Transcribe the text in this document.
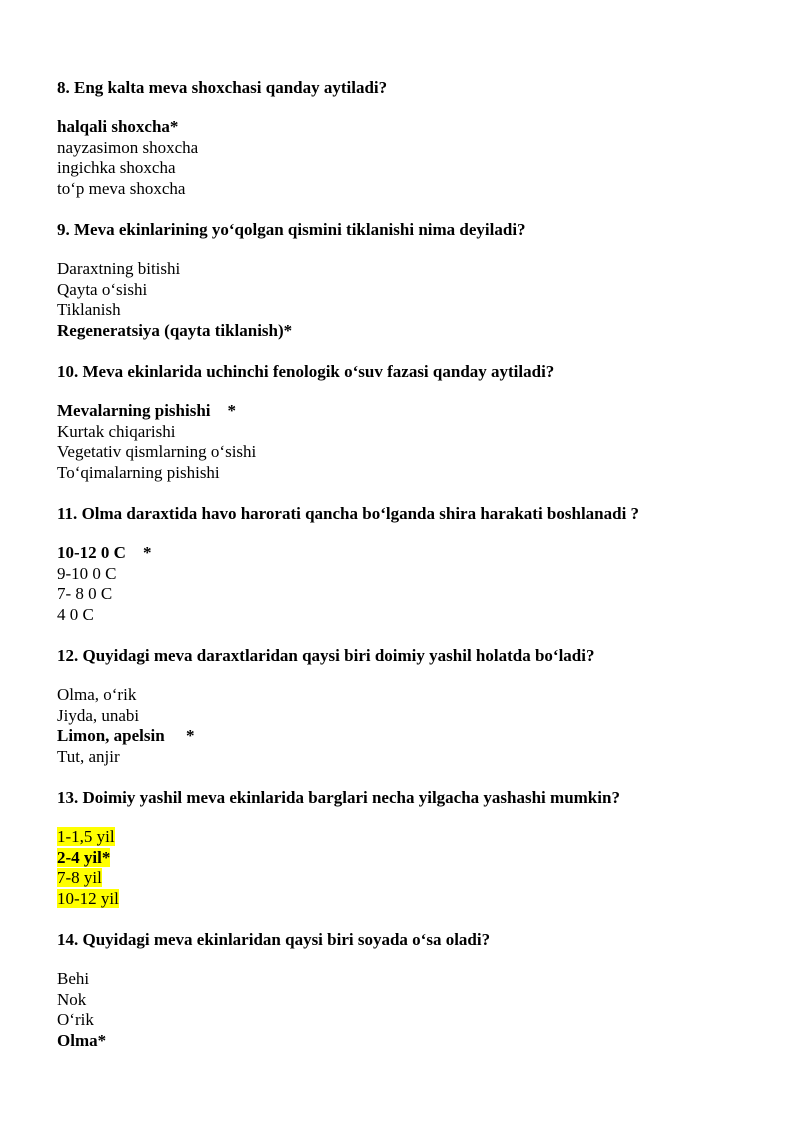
8. Eng kalta meva shoxchasi qanday aytiladi?

halqali shoxcha*
nayzasimon shoxcha
ingichka shoxcha
to‘p meva shoxcha

9. Meva ekinlarining yo‘qolgan qismini tiklanishi nima deyiladi?

Daraxtning bitishi
Qayta o‘sishi
Tiklanish
Regeneratsiya (qayta tiklanish)*

10. Meva ekinlarida uchinchi fenologik o‘suv fazasi qanday aytiladi?

Mevalarning pishishi    *
Kurtak chiqarishi
Vegetativ qismlarning o‘sishi
To‘qimalarning pishishi

11. Olma daraxtida havo harorati qancha bo‘lganda shira harakati boshlanadi ?

10-12 0 C    *
9-10 0 C
7- 8 0 C
4 0 C

12. Quyidagi meva daraxtlaridan qaysi biri doimiy yashil holatda bo‘ladi?

Olma, o‘rik
Jiyda, unabi
Limon, apelsin     *
Tut, anjir

13. Doimiy yashil meva ekinlarida barglari necha yilgacha yashashi mumkin?

1-1,5 yil
2-4 yil*
7-8 yil
10-12 yil

14. Quyidagi meva ekinlaridan qaysi biri soyada o‘sa oladi?

Behi
Nok
O‘rik
Olma*
